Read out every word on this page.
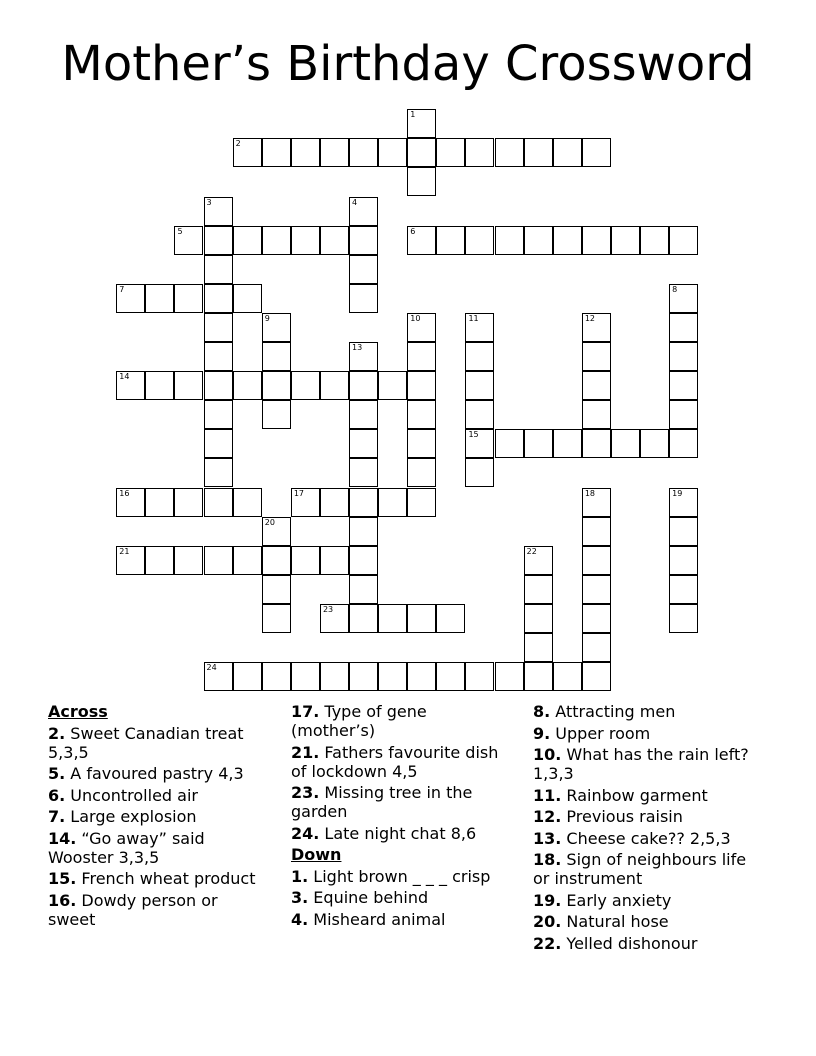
Mother’s Birthday Crossword
1
2
3	4
5	6
7	8
9	10	11
15
12
13
14
16	17	18	19
20
21	22
23
24

Across

2. Sweet Canadian treat 5,3,5

5. A favoured pastry 4,3

6. Uncontrolled air

7. Large explosion

14. “Go away” said Wooster 3,3,5

15. French wheat product

16. Dowdy person or sweet

17. Type of gene (mother’s)

21. Fathers favourite dish of lockdown 4,5

23. Missing tree in the garden

24. Late night chat 8,6

Down

1. Light brown _ _ _ crisp

3. Equine behind

4. Misheard animal

8. Attracting men

9. Upper room

10. What has the rain left? 1,3,3

11. Rainbow garment

12. Previous raisin

13. Cheese cake?? 2,5,3

18. Sign of neighbours life or instrument

19. Early anxiety

20. Natural hose

22. Yelled dishonour
